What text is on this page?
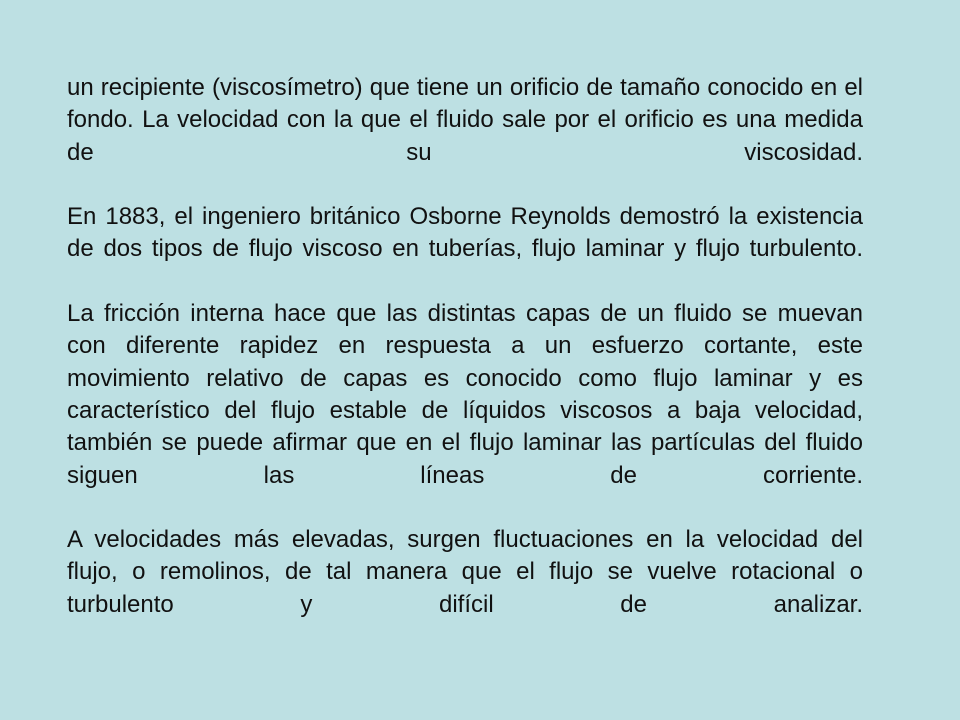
un recipiente (viscosímetro) que tiene un orificio de tamaño conocido en el fondo. La velocidad con la que el fluido sale por el orificio es una medida de su viscosidad.

En 1883, el ingeniero británico Osborne Reynolds demostró la existencia de dos tipos de flujo viscoso en tuberías, flujo laminar y flujo turbulento.

La fricción interna hace que las distintas capas de un fluido se muevan con diferente rapidez en respuesta a un esfuerzo cortante, este movimiento relativo de capas es conocido como flujo laminar y es característico del flujo estable de líquidos viscosos a baja velocidad, también se puede afirmar que en el flujo laminar las partículas del fluido siguen las líneas de corriente.

A velocidades más elevadas, surgen fluctuaciones en la velocidad del flujo, o remolinos, de tal manera que el flujo se vuelve rotacional o turbulento y difícil de analizar.
